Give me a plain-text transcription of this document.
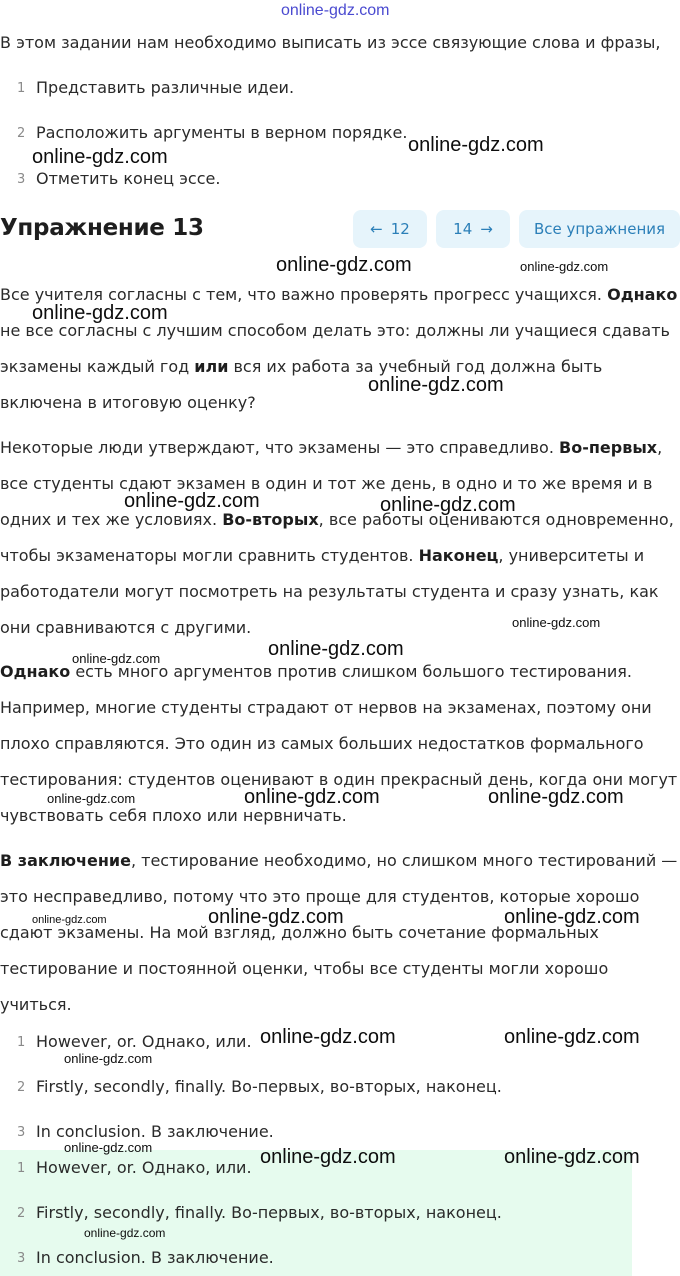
online-gdz.com
В этом задании нам необходимо выписать из эссе связующие слова и фразы,
1 Представить различные идеи.
2 Расположить аргументы в верном порядке.
3 Отметить конец эссе.
Упражнение 13	← 12	14 →	Все упражнения

Все учителя согласны с тем, что важно проверять прогресс учащихся. Однако не все согласны с лучшим способом делать это: должны ли учащиеся сдавать экзамены каждый год или вся их работа за учебный год должна быть включена в итоговую оценку?

Некоторые люди утверждают, что экзамены — это справедливо. Во-первых, все студенты сдают экзамен в один и тот же день, в одно и то же время и в одних и тех же условиях. Во-вторых, все работы оцениваются одновременно, чтобы экзаменаторы могли сравнить студентов. Наконец, университеты и работодатели могут посмотреть на результаты студента и сразу узнать, как они сравниваются с другими.

Однако есть много аргументов против слишком большого тестирования. Например, многие студенты страдают от нервов на экзаменах, поэтому они плохо справляются. Это один из самых больших недостатков формального тестирования: студентов оценивают в один прекрасный день, когда они могут чувствовать себя плохо или нервничать.

В заключение, тестирование необходимо, но слишком много тестирований — это несправедливо, потому что это проще для студентов, которые хорошо сдают экзамены. На мой взгляд, должно быть сочетание формальных тестирование и постоянной оценки, чтобы все студенты могли хорошо учиться.

1 However, or. Однако, или.
2 Firstly, secondly, finally. Во-первых, во-вторых, наконец.
3 In conclusion. В заключение.
1 However, or. Однако, или.
2 Firstly, secondly, finally. Во-первых, во-вторых, наконец.
3 In conclusion. В заключение.
online-gdz.com
online-gdz.com
online-gdz.com	online-gdz.com
online-gdz.com
online-gdz.com
online-gdz.com	online-gdz.com
online-gdz.com
online-gdz.com
online-gdz.com
online-gdz.com	online-gdz.com	online-gdz.com
online-gdz.com	online-gdz.com	online-gdz.com
online-gdz.com	online-gdz.com
online-gdz.com
online-gdz.com	online-gdz.com	online-gdz.com
online-gdz.com
